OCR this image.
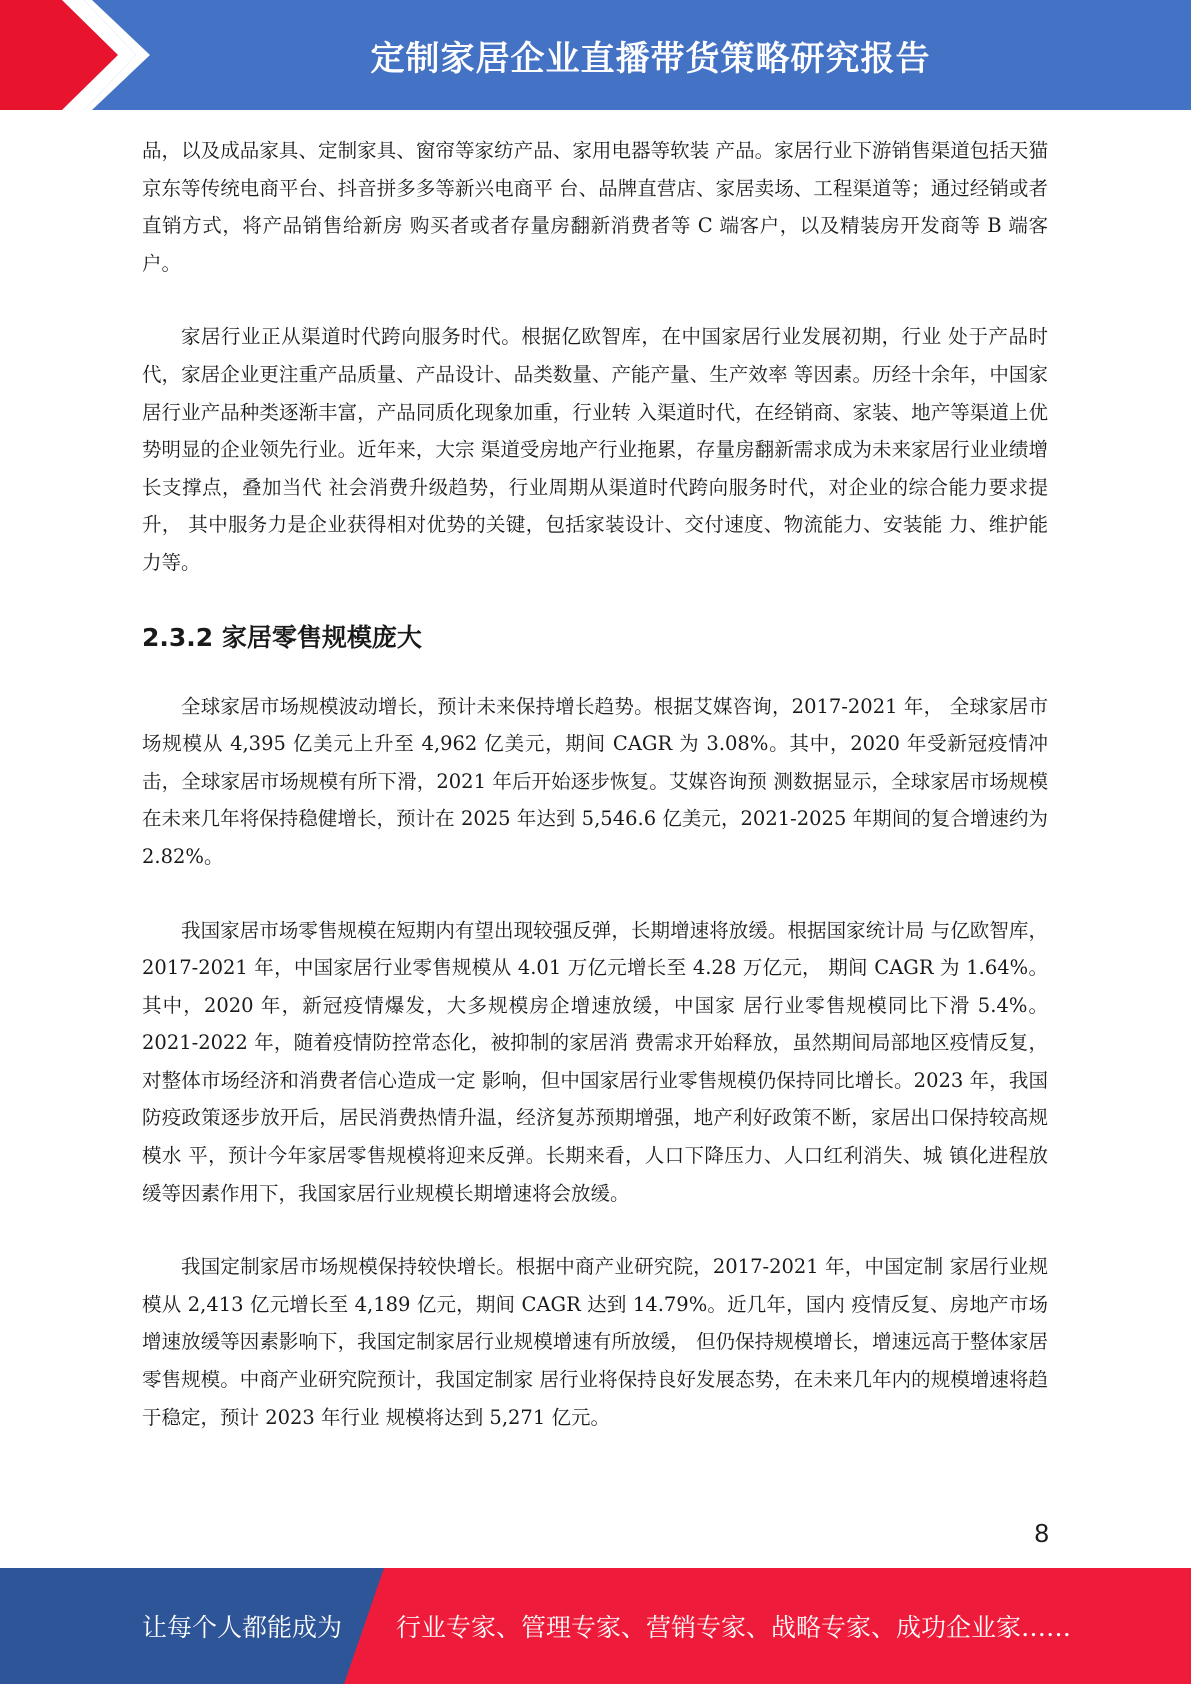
定制家居企业直播带货策略研究报告

品，以及成品家具、定制家具、窗帘等家纺产品、家用电器等软装 产品。家居行业下游销售渠道包括天猫京东等传统电商平台、抖音拼多多等新兴电商平 台、品牌直营店、家居卖场、工程渠道等；通过经销或者直销方式，将产品销售给新房 购买者或者存量房翻新消费者等 C 端客户，以及精装房开发商等 B 端客户。

家居行业正从渠道时代跨向服务时代。根据亿欧智库，在中国家居行业发展初期，行业 处于产品时代，家居企业更注重产品质量、产品设计、品类数量、产能产量、生产效率 等因素。历经十余年，中国家居行业产品种类逐渐丰富，产品同质化现象加重，行业转 入渠道时代，在经销商、家装、地产等渠道上优势明显的企业领先行业。近年来，大宗 渠道受房地产行业拖累，存量房翻新需求成为未来家居行业业绩增长支撑点，叠加当代 社会消费升级趋势，行业周期从渠道时代跨向服务时代，对企业的综合能力要求提升， 其中服务力是企业获得相对优势的关键，包括家装设计、交付速度、物流能力、安装能 力、维护能力等。

2.3.2 家居零售规模庞大

全球家居市场规模波动增长，预计未来保持增长趋势。根据艾媒咨询，2017-2021 年， 全球家居市场规模从 4,395 亿美元上升至 4,962 亿美元，期间 CAGR 为 3.08%。其中，2020 年受新冠疫情冲击，全球家居市场规模有所下滑，2021 年后开始逐步恢复。艾媒咨询预 测数据显示，全球家居市场规模在未来几年将保持稳健增长，预计在 2025 年达到 5,546.6 亿美元，2021-2025 年期间的复合增速约为 2.82%。

我国家居市场零售规模在短期内有望出现较强反弹，长期增速将放缓。根据国家统计局 与亿欧智库，2017-2021 年，中国家居行业零售规模从 4.01 万亿元增长至 4.28 万亿元， 期间 CAGR 为 1.64%。其中，2020 年，新冠疫情爆发，大多规模房企增速放缓，中国家 居行业零售规模同比下滑 5.4%。2021-2022 年，随着疫情防控常态化，被抑制的家居消 费需求开始释放，虽然期间局部地区疫情反复，对整体市场经济和消费者信心造成一定 影响，但中国家居行业零售规模仍保持同比增长。2023 年，我国防疫政策逐步放开后，居民消费热情升温，经济复苏预期增强，地产利好政策不断，家居出口保持较高规模水 平，预计今年家居零售规模将迎来反弹。长期来看，人口下降压力、人口红利消失、城 镇化进程放缓等因素作用下，我国家居行业规模长期增速将会放缓。

我国定制家居市场规模保持较快增长。根据中商产业研究院，2017-2021 年，中国定制 家居行业规模从 2,413 亿元增长至 4,189 亿元，期间 CAGR 达到 14.79%。近几年，国内 疫情反复、房地产市场增速放缓等因素影响下，我国定制家居行业规模增速有所放缓， 但仍保持规模增长，增速远高于整体家居零售规模。中商产业研究院预计，我国定制家 居行业将保持良好发展态势，在未来几年内的规模增速将趋于稳定，预计 2023 年行业 规模将达到 5,271 亿元。

8
让每个人都能成为 行业专家、管理专家、营销专家、战略专家、成功企业家……
